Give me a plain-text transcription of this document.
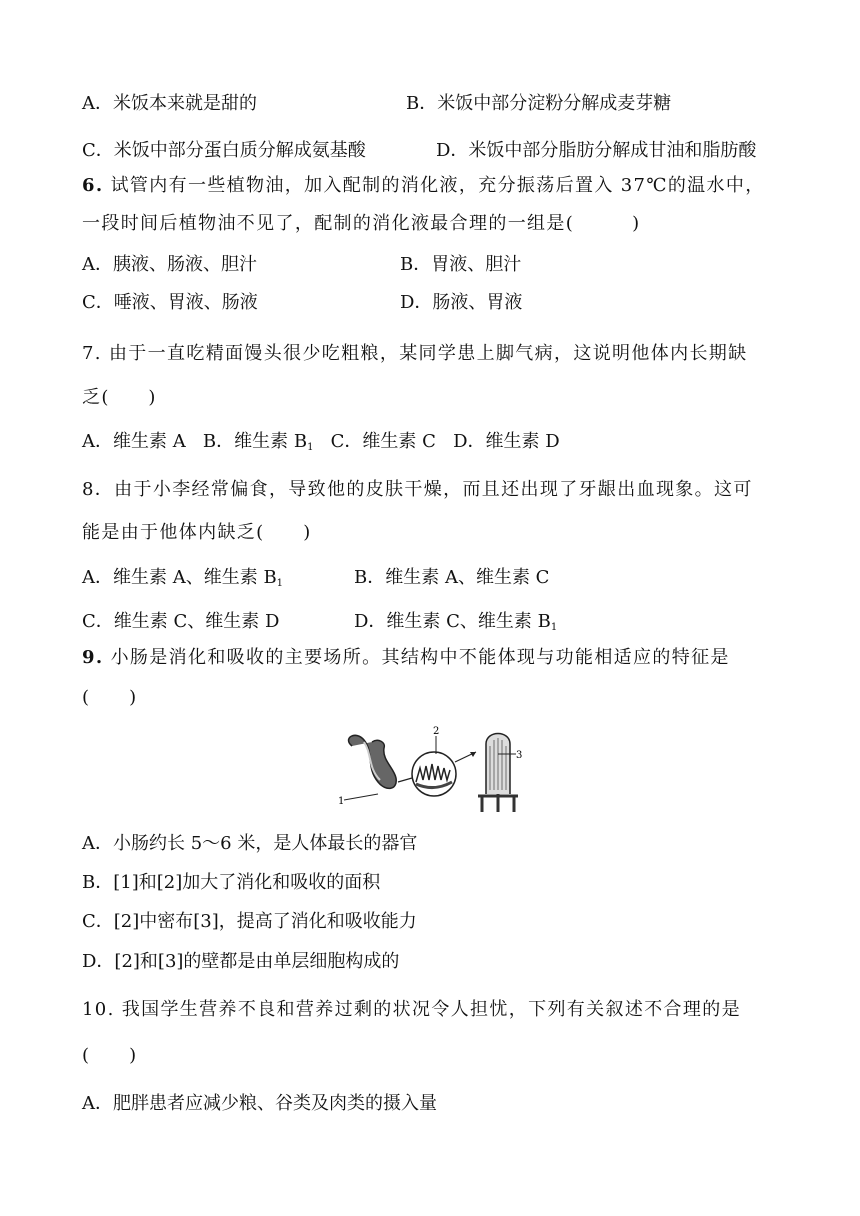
A．米饭本来就是甜的	B．米饭中部分淀粉分解成麦芽糖
C．米饭中部分蛋白质分解成氨基酸	D．米饭中部分脂肪分解成甘油和脂肪酸
6. 试管内有一些植物油，加入配制的消化液，充分振荡后置入 37℃的温水中，
一段时间后植物油不见了，配制的消化液最合理的一组是(　　　)
A．胰液、肠液、胆汁	B．胃液、胆汁
C．唾液、胃液、肠液	D．肠液、胃液
7. 由于一直吃精面馒头很少吃粗粮，某同学患上脚气病，这说明他体内长期缺
乏(　　)
A．维生素 A B．维生素 $B_1$ C．维生素 C D．维生素 D
8．由于小李经常偏食，导致他的皮肤干燥，而且还出现了牙龈出血现象。这可
能是由于他体内缺乏(　　)
A．维生素 A、维生素 $B_1$	B．维生素 A、维生素 C
C．维生素 C、维生素 D	D．维生素 C、维生素 $B_1$
9. 小肠是消化和吸收的主要场所。其结构中不能体现与功能相适应的特征是
(　　)
1
2
3
A．小肠约长 5～6 米，是人体最长的器官
B．[1]和[2]加大了消化和吸收的面积
C．[2]中密布[3]，提高了消化和吸收能力
D．[2]和[3]的壁都是由单层细胞构成的
10. 我国学生营养不良和营养过剩的状况令人担忧，下列有关叙述不合理的是
(　　)
A．肥胖患者应减少粮、谷类及肉类的摄入量
